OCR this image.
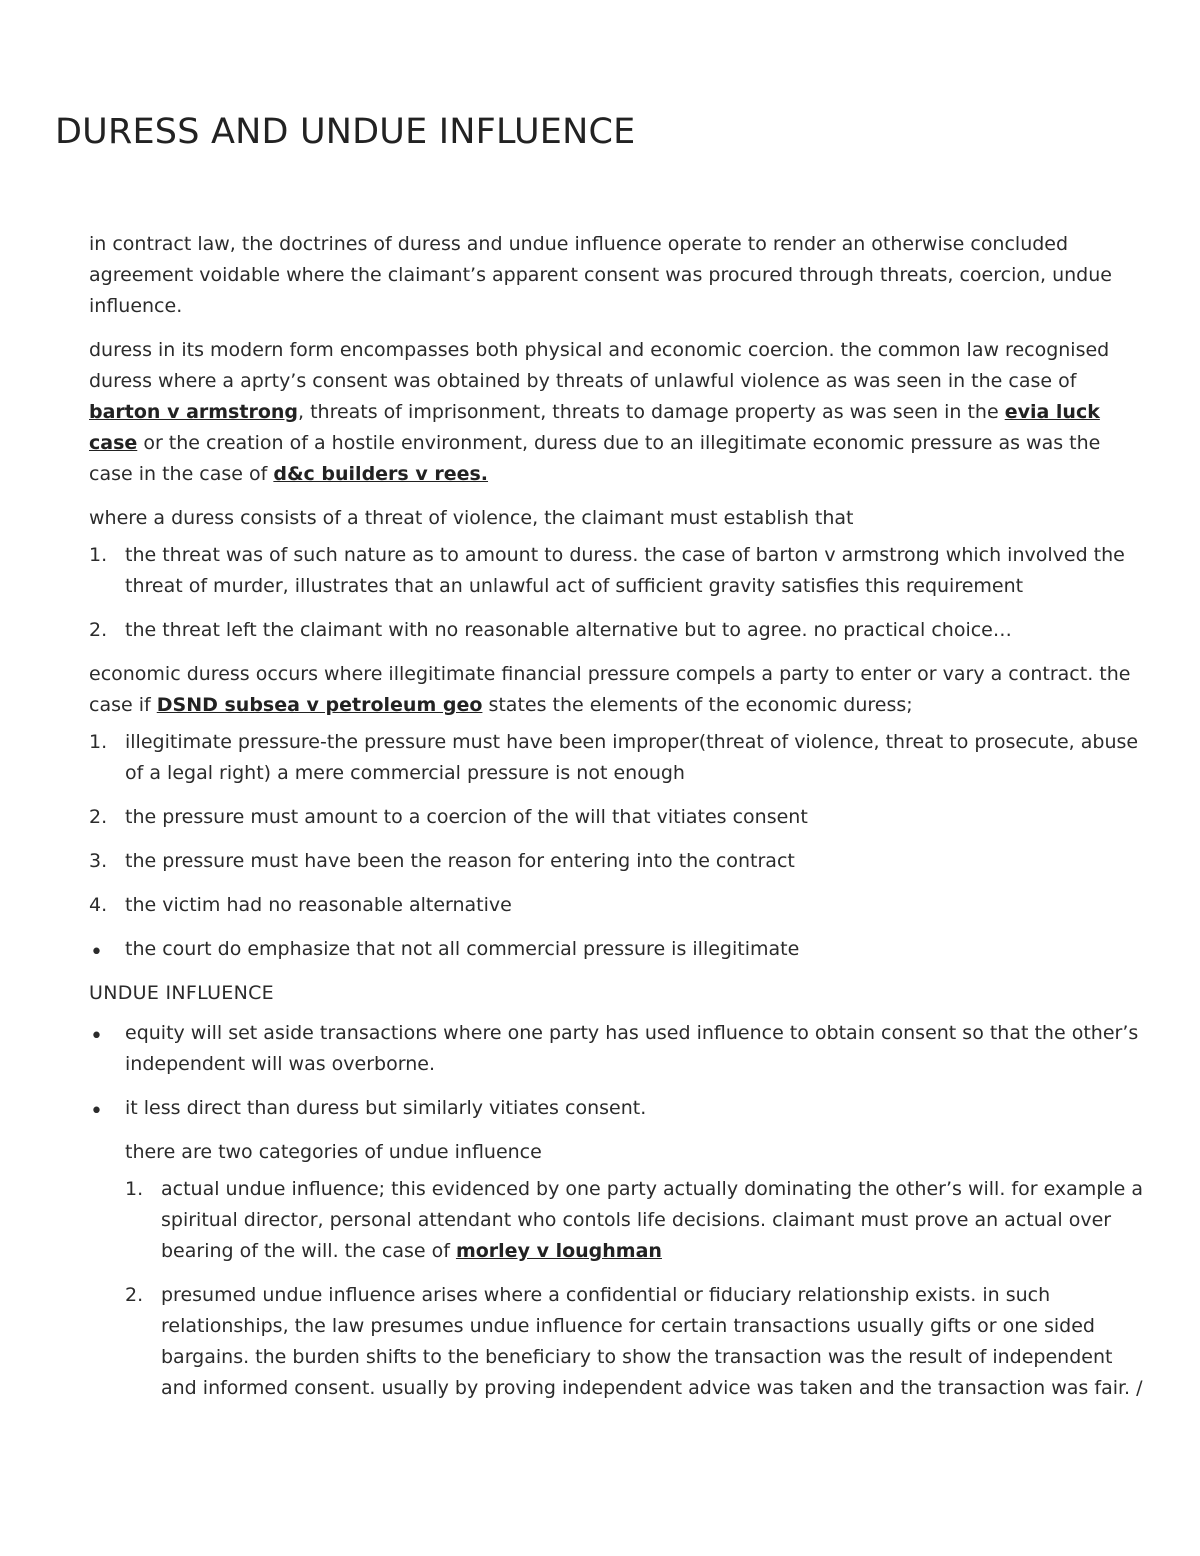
DURESS AND UNDUE INFLUENCE

in contract law, the doctrines of duress and undue influence operate to render an otherwise concluded agreement voidable where the claimant’s apparent consent was procured through threats, coercion, undue influence.

duress in its modern form encompasses both physical and economic coercion. the common law recognised duress where a aprty’s consent was obtained by threats of unlawful violence as was seen in the case of barton v armstrong, threats of imprisonment, threats to damage property as was seen in the evia luck case or the creation of a hostile environment, duress due to an illegitimate economic pressure as was the case in the case of d&c builders v rees.

where a duress consists of a threat of violence, the claimant must establish that

1. the threat was of such nature as to amount to duress. the case of barton v armstrong which involved the threat of murder, illustrates that an unlawful act of sufficient gravity satisfies this requirement
2. the threat left the claimant with no reasonable alternative but to agree. no practical choice…

economic duress occurs where illegitimate financial pressure compels a party to enter or vary a contract. the case if DSND subsea v petroleum geo states the elements of the economic duress;

1. illegitimate pressure-the pressure must have been improper(threat of violence, threat to prosecute, abuse of a legal right) a mere commercial pressure is not enough
2. the pressure must amount to a coercion of the will that vitiates consent
3. the pressure must have been the reason for entering into the contract
4. the victim had no reasonable alternative
• the court do emphasize that not all commercial pressure is illegitimate

UNDUE INFLUENCE

• equity will set aside transactions where one party has used influence to obtain consent so that the other’s independent will was overborne.
• it less direct than duress but similarly vitiates consent.

there are two categories of undue influence

1. actual undue influence; this evidenced by one party actually dominating the other’s will. for example a spiritual director, personal attendant who contols life decisions. claimant must prove an actual over bearing of the will. the case of morley v loughman
2. presumed undue influence arises where a confidential or fiduciary relationship exists. in such relationships, the law presumes undue influence for certain transactions usually gifts or one sided bargains. the burden shifts to the beneficiary to show the transaction was the result of independent and informed consent. usually by proving independent advice was taken and the transaction was fair. /
